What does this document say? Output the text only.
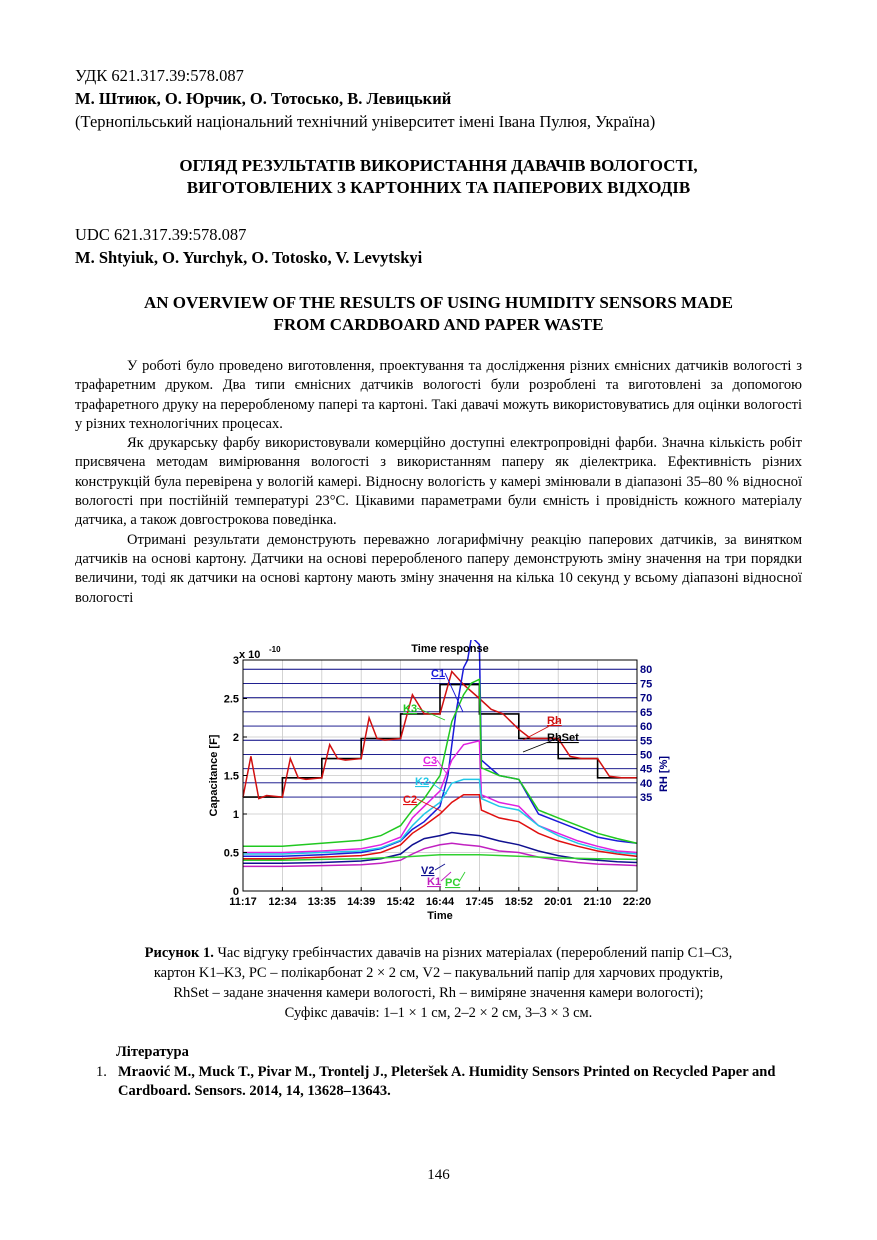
УДК 621.317.39:578.087
М. Штиюк, О. Юрчик, О. Тотосько, В. Левицький
(Тернопільський національний технічний університет імені Івана Пулюя, Україна)
ОГЛЯД РЕЗУЛЬТАТІВ ВИКОРИСТАННЯ ДАВАЧІВ ВОЛОГОСТІ,
ВИГОТОВЛЕНИХ З КАРТОННИХ ТА ПАПЕРОВИХ ВІДХОДІВ
UDC 621.317.39:578.087
M. Shtyiuk, O. Yurchyk, O. Totosko, V. Levytskyi
AN OVERVIEW OF THE RESULTS OF USING HUMIDITY SENSORS MADE
FROM CARDBOARD AND PAPER WASTE

У роботі було проведено виготовлення, проектування та дослідження різних ємнісних датчиків вологості з трафаретним друком. Два типи ємнісних датчиків вологості були розроблені та виготовлені за допомогою трафаретного друку на переробленому папері та картоні. Такі давачі можуть використовуватись для оцінки вологості у різних технологічних процесах.

Як друкарську фарбу використовували комерційно доступні електропровідні фарби. Значна кількість робіт присвячена методам вимірювання вологості з використанням паперу як діелектрика. Ефективність різних конструкцій була перевірена у вологій камері. Відносну вологість у камері змінювали в діапазоні 35–80 % відносної вологості при постійній температурі 23°C. Цікавими параметрами були ємність і провідність кожного матеріалу датчика, а також довгострокова поведінка.

Отримані результати демонструють переважно логарифмічну реакцію паперових датчиків, за винятком датчиків на основі картону. Датчики на основі переробленого паперу демонструють зміну значення на три порядки величини, тоді як датчики на основі картону мають зміну значення на кілька 10 секунд у всьому діапазоні відносної вологості

0
0.5
1
1.5
2
2.5
3
35
40
45
50
55
60
65
70
75
80
11:17 12:34 13:35 14:39 15:42 16:44 17:45 18:52 20:01 21:10 22:20
Time response
Time
Capacitance [F]	RH [%]
x 10 -10
C1
K3
Rh
RhSet
C3
K2
C2
V2
K1 PC
Рисунок 1. Час відгуку гребінчастих давачів на різних матеріалах (перероблений папір C1–C3,
картон K1–K3, PC – полікарбонат 2 × 2 см, V2 – пакувальний папір для харчових продуктів,
RhSet – задане значення камери вологості, Rh – виміряне значення камери вологості);
Суфікс давачів: 1–1 × 1 см, 2–2 × 2 см, 3–3 × 3 см.
Література
1. Mraović M., Muck T., Pivar M., Trontelj J., Pleteršek A. Humidity Sensors Printed on Recycled Paper and Cardboard. Sensors. 2014, 14, 13628–13643.
146
